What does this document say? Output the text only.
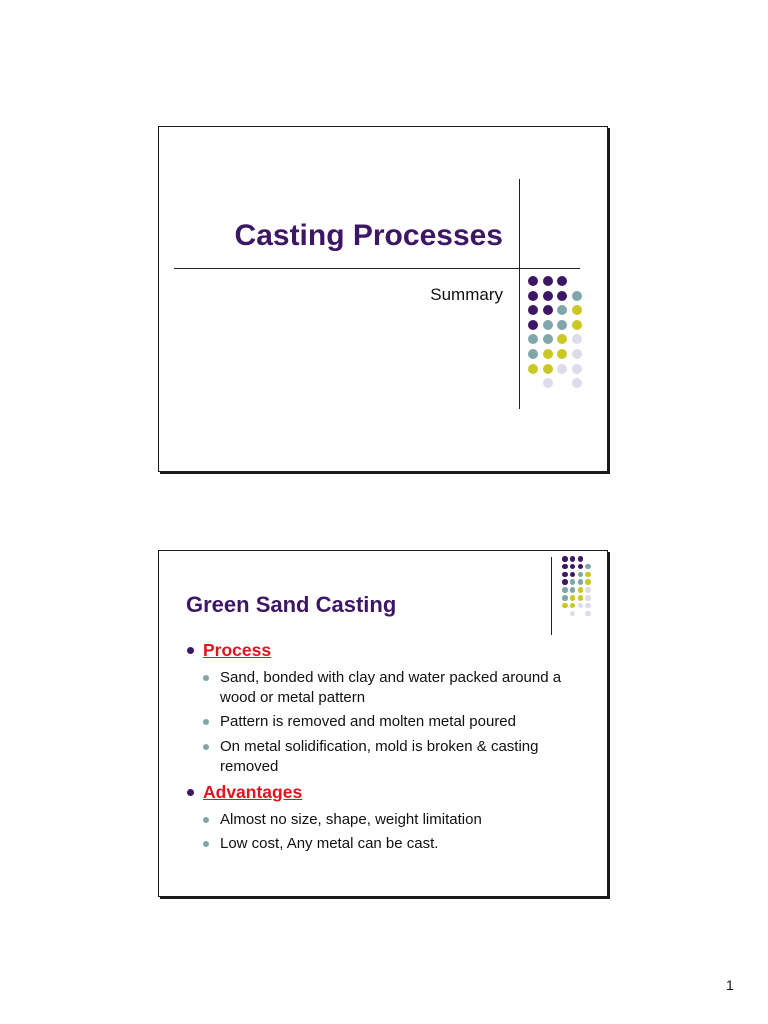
Casting Processes
Summary
Green Sand Casting
Process
Sand, bonded with clay and water packed around a wood or metal pattern
Pattern is removed and molten metal poured
On metal solidification, mold is broken & casting removed
Advantages
Almost no size, shape, weight limitation
Low cost, Any metal can be cast.
1
